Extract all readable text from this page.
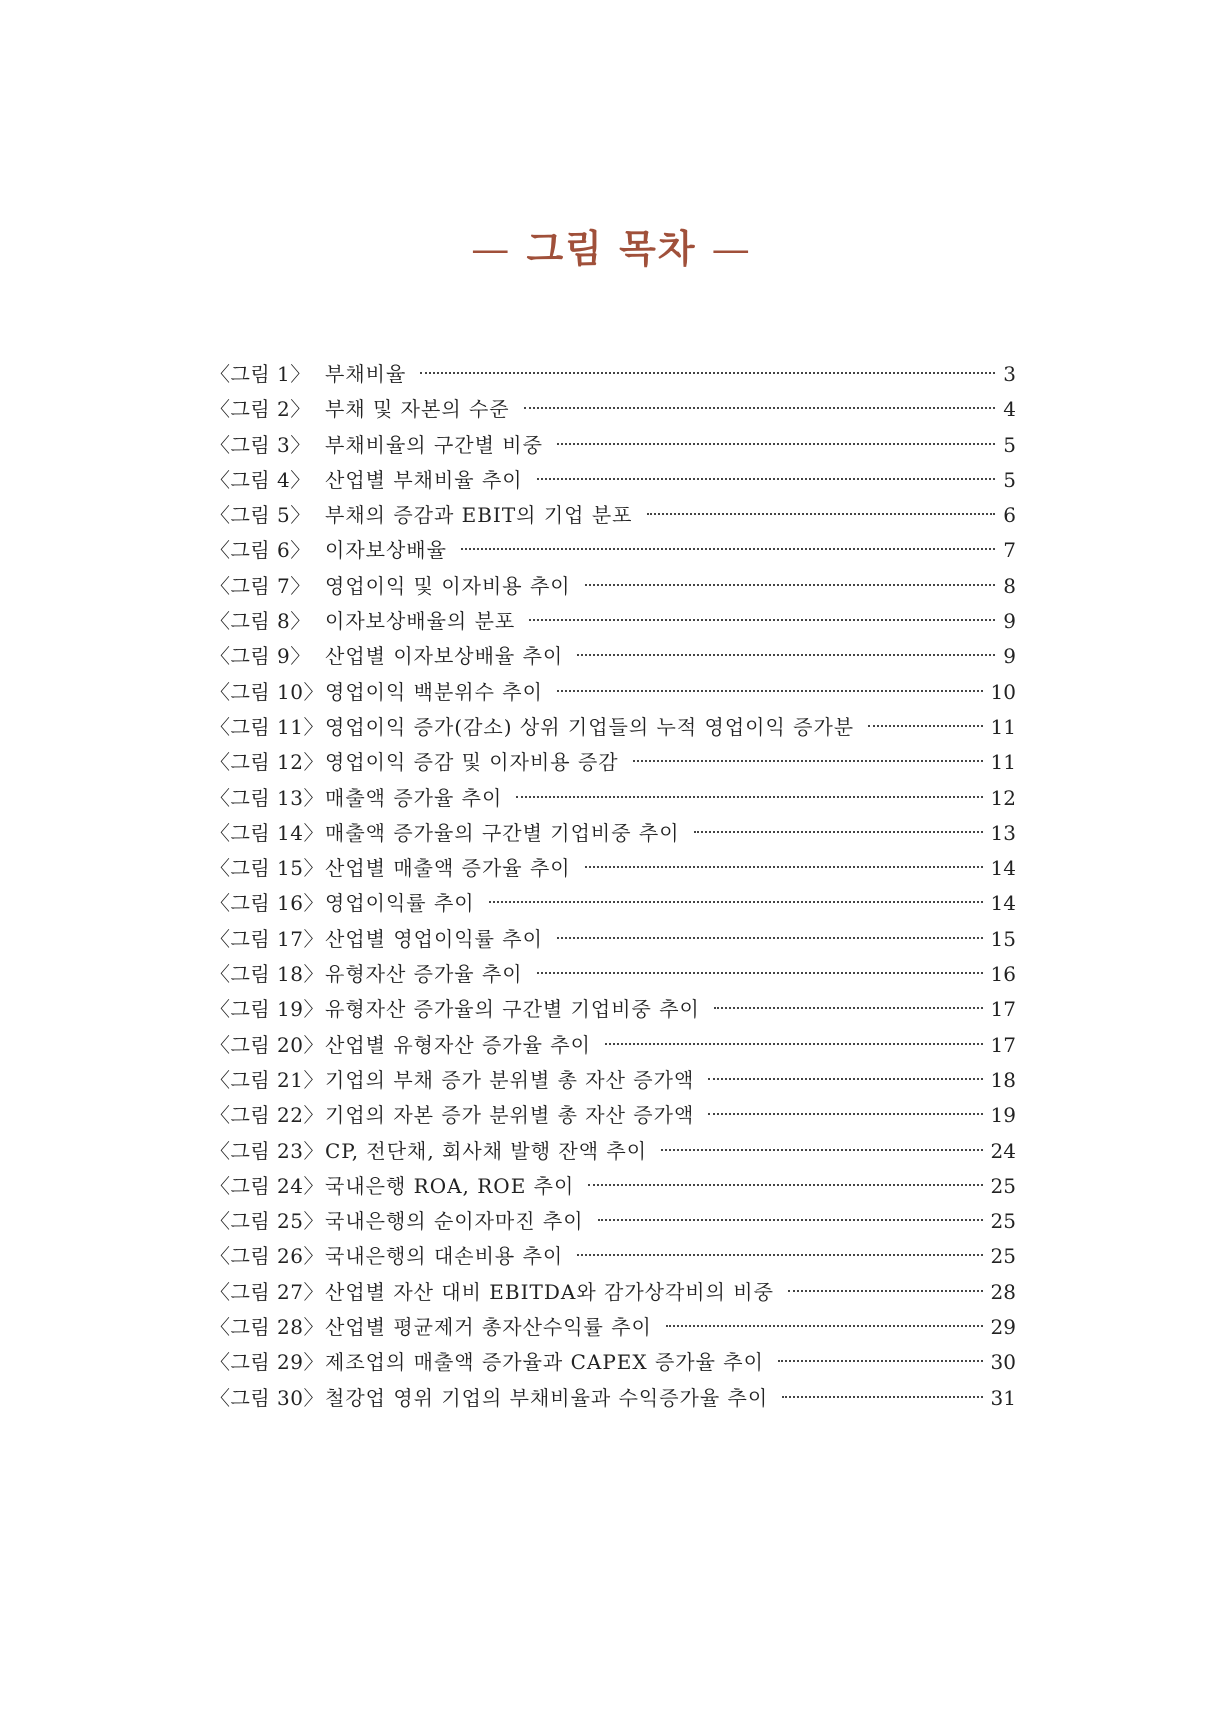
— 그림 목차 —
〈그림 1〉 부채비율	3
〈그림 2〉 부채 및 자본의 수준	4
〈그림 3〉 부채비율의 구간별 비중	5
〈그림 4〉 산업별 부채비율 추이	5
〈그림 5〉 부채의 증감과 EBIT의 기업 분포	6
〈그림 6〉 이자보상배율	7
〈그림 7〉 영업이익 및 이자비용 추이	8
〈그림 8〉 이자보상배율의 분포	9
〈그림 9〉 산업별 이자보상배율 추이	9
〈그림 10〉 영업이익 백분위수 추이	10
〈그림 11〉 영업이익 증가(감소) 상위 기업들의 누적 영업이익 증가분	11
〈그림 12〉 영업이익 증감 및 이자비용 증감	11
〈그림 13〉 매출액 증가율 추이	12
〈그림 14〉 매출액 증가율의 구간별 기업비중 추이	13
〈그림 15〉 산업별 매출액 증가율 추이	14
〈그림 16〉 영업이익률 추이	14
〈그림 17〉 산업별 영업이익률 추이	15
〈그림 18〉 유형자산 증가율 추이	16
〈그림 19〉 유형자산 증가율의 구간별 기업비중 추이	17
〈그림 20〉 산업별 유형자산 증가율 추이	17
〈그림 21〉 기업의 부채 증가 분위별 총 자산 증가액	18
〈그림 22〉 기업의 자본 증가 분위별 총 자산 증가액	19
〈그림 23〉 CP, 전단채, 회사채 발행 잔액 추이	24
〈그림 24〉 국내은행 ROA, ROE 추이	25
〈그림 25〉 국내은행의 순이자마진 추이	25
〈그림 26〉 국내은행의 대손비용 추이	25
〈그림 27〉 산업별 자산 대비 EBITDA와 감가상각비의 비중	28
〈그림 28〉 산업별 평균제거 총자산수익률 추이	29
〈그림 29〉 제조업의 매출액 증가율과 CAPEX 증가율 추이	30
〈그림 30〉 철강업 영위 기업의 부채비율과 수익증가율 추이	31
